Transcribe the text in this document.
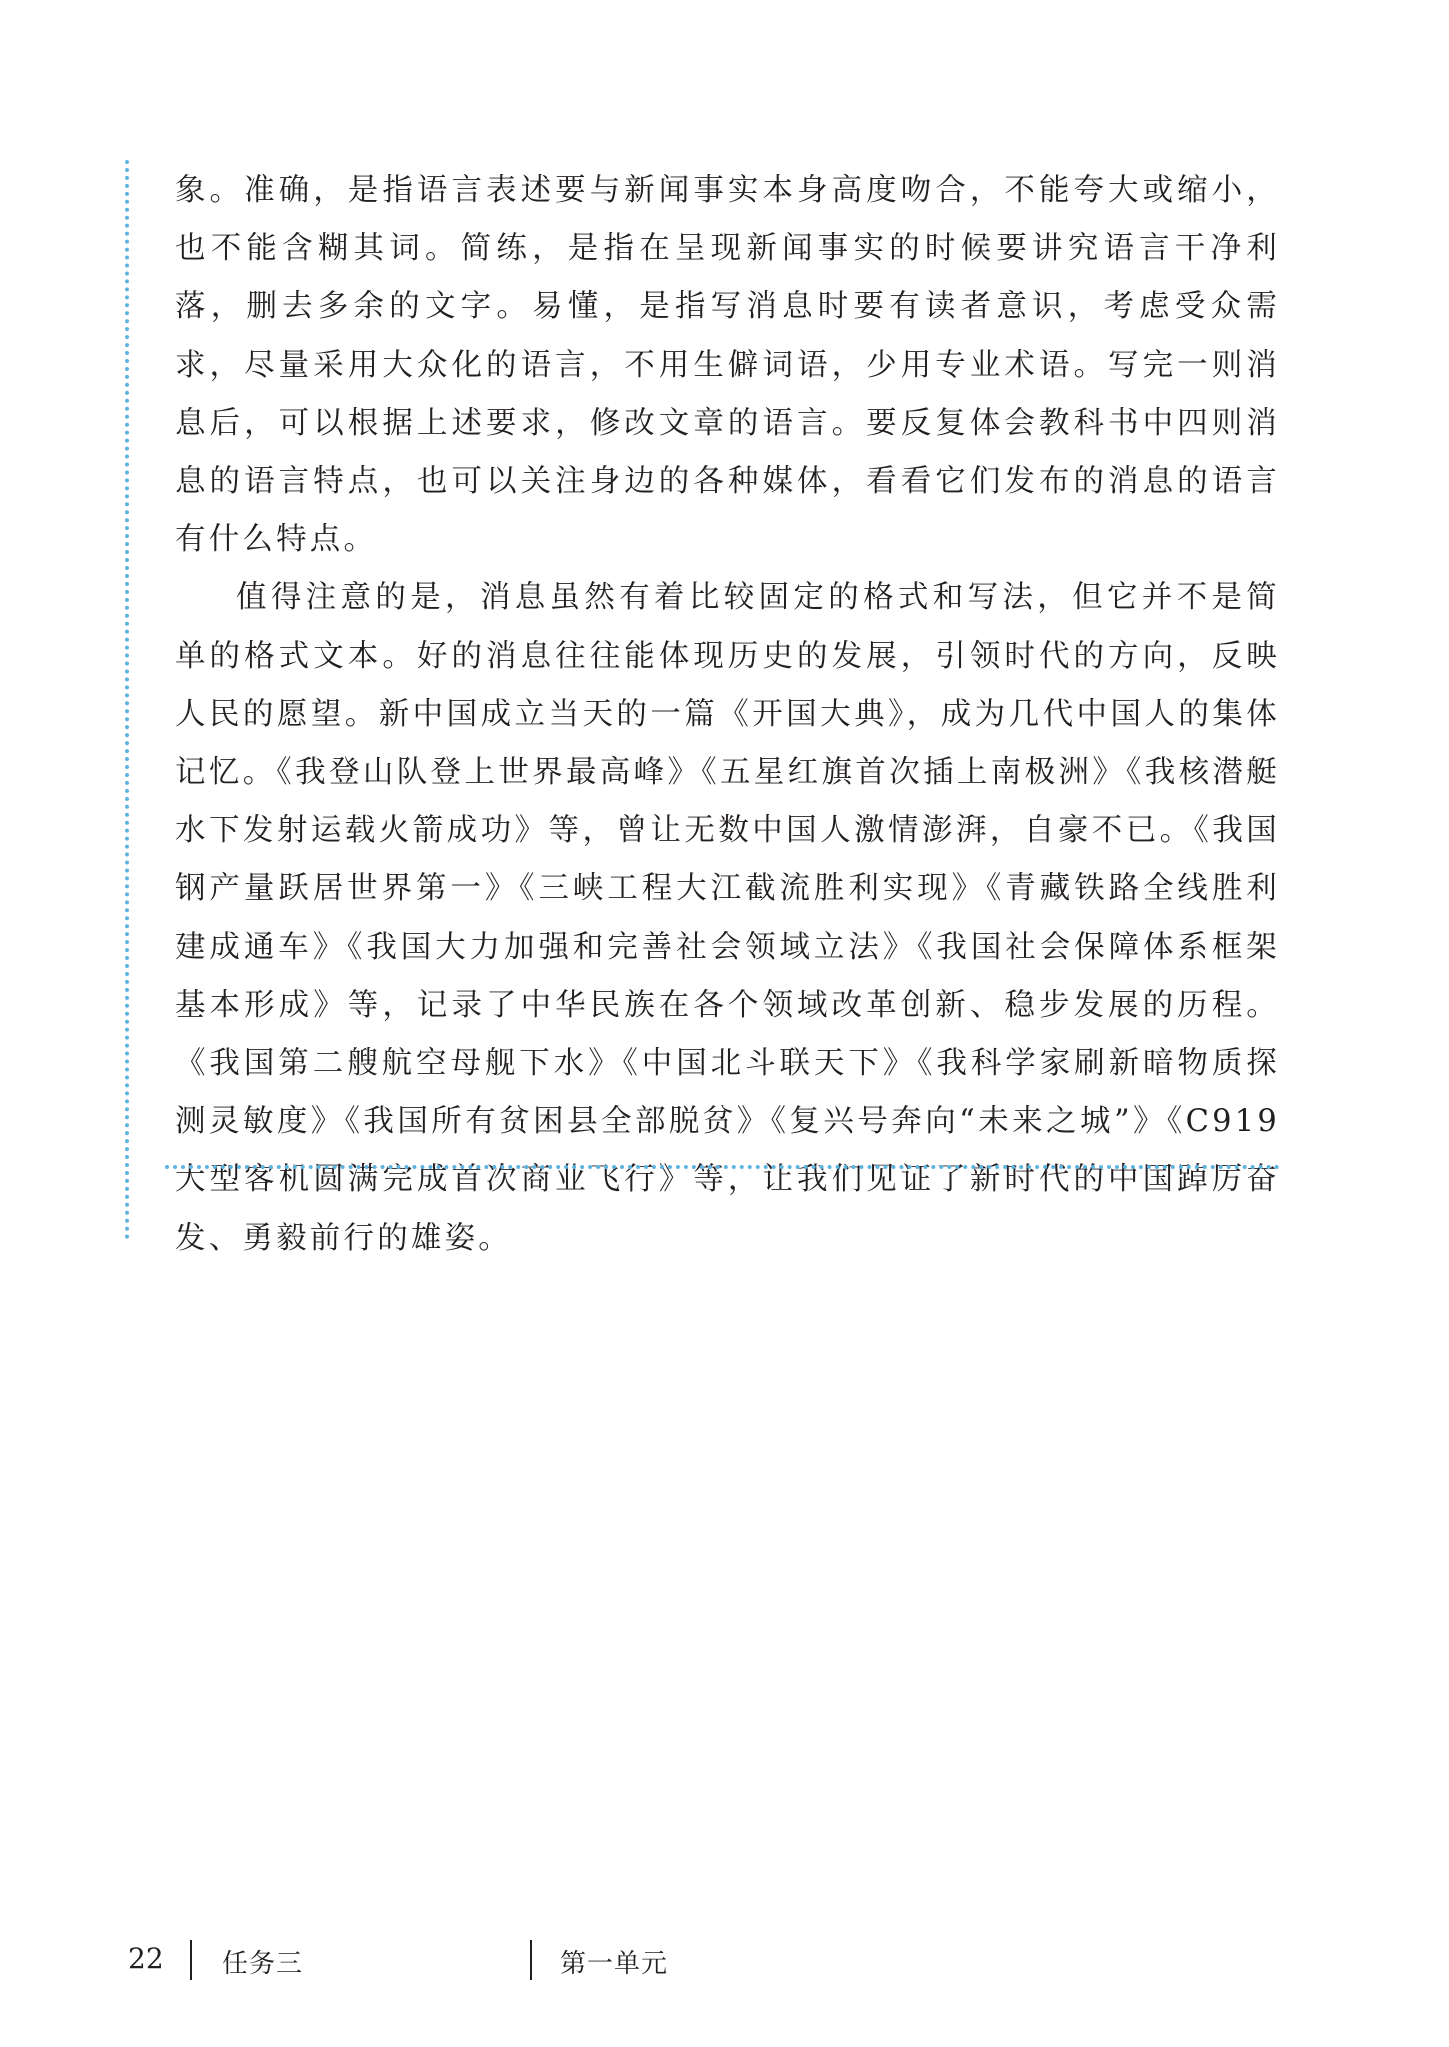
象。准确，是指语言表述要与新闻事实本身高度吻合，不能夸大或缩小，也不能含糊其词。简练，是指在呈现新闻事实的时候要讲究语言干净利落，删去多余的文字。易懂，是指写消息时要有读者意识，考虑受众需求，尽量采用大众化的语言，不用生僻词语，少用专业术语。写完一则消息后，可以根据上述要求，修改文章的语言。要反复体会教科书中四则消息的语言特点，也可以关注身边的各种媒体，看看它们发布的消息的语言有什么特点。

值得注意的是，消息虽然有着比较固定的格式和写法，但它并不是简单的格式文本。好的消息往往能体现历史的发展，引领时代的方向，反映人民的愿望。新中国成立当天的一篇《开国大典》，成为几代中国人的集体记忆。《我登山队登上世界最高峰》《五星红旗首次插上南极洲》《我核潜艇水下发射运载火箭成功》等，曾让无数中国人激情澎湃，自豪不已。《我国钢产量跃居世界第一》《三峡工程大江截流胜利实现》《青藏铁路全线胜利建成通车》《我国大力加强和完善社会领域立法》《我国社会保障体系框架基本形成》等，记录了中华民族在各个领域改革创新、稳步发展的历程。《我国第二艘航空母舰下水》《中国北斗联天下》《我科学家刷新暗物质探测灵敏度》《我国所有贫困县全部脱贫》《复兴号奔向“未来之城”》《C919大型客机圆满完成首次商业飞行》等，让我们见证了新时代的中国踔厉奋发、勇毅前行的雄姿。

22 任务三	第一单元
